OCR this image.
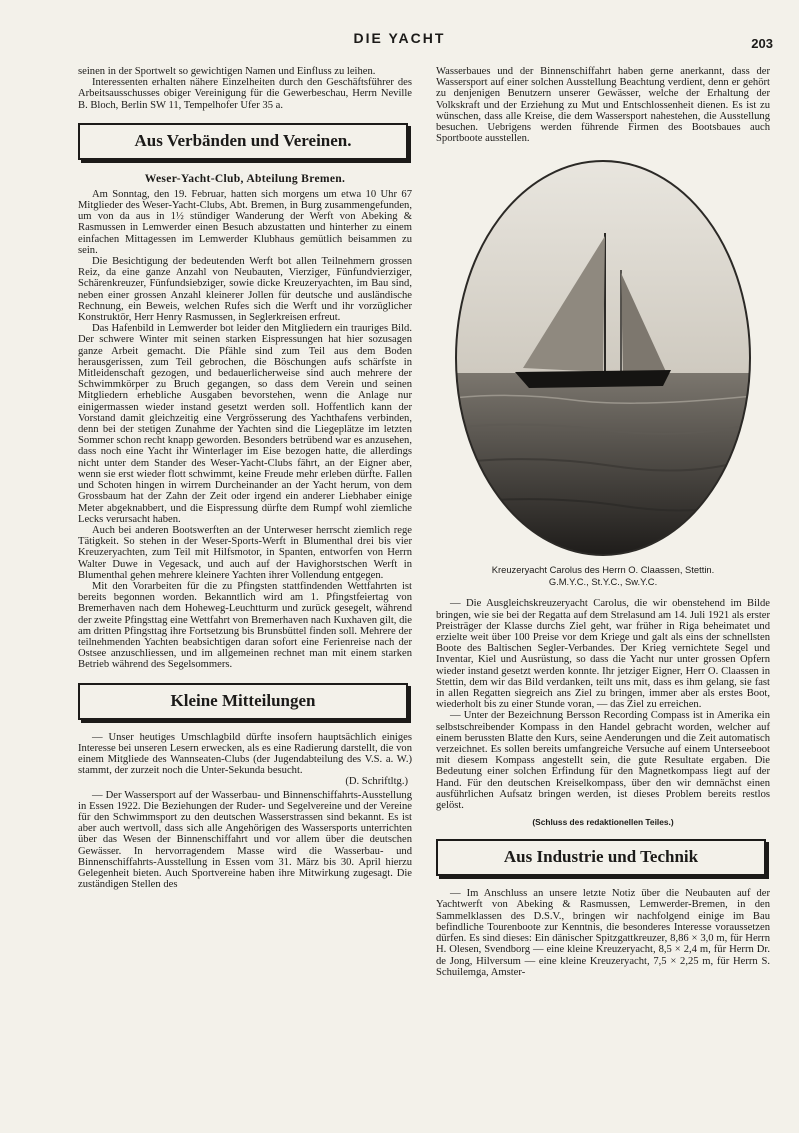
DIE YACHT	203

seinen in der Sportwelt so gewichtigen Namen und Einfluss zu leihen.

Interessenten erhalten nähere Einzelheiten durch den Geschäftsführer des Arbeitsausschusses obiger Vereinigung für die Gewerbeschau, Herrn Neville B. Bloch, Berlin SW 11, Tempelhofer Ufer 35 a.

Aus Verbänden und Vereinen.
Weser-Yacht-Club, Abteilung Bremen.

Am Sonntag, den 19. Februar, hatten sich morgens um etwa 10 Uhr 67 Mitglieder des Weser-Yacht-Clubs, Abt. Bremen, in Burg zusammengefunden, um von da aus in 1½ stündiger Wanderung der Werft von Abeking & Rasmussen in Lemwerder einen Besuch abzustatten und hinterher zu einem einfachen Mittagessen im Lemwerder Klubhaus gemütlich beisammen zu sein.

Die Besichtigung der bedeutenden Werft bot allen Teilnehmern grossen Reiz, da eine ganze Anzahl von Neubauten, Vierziger, Fünfundvierziger, Schärenkreuzer, Fünfundsiebziger, sowie dicke Kreuzeryachten, im Bau sind, neben einer grossen Anzahl kleinerer Jollen für deutsche und ausländische Rechnung, ein Beweis, welchen Rufes sich die Werft und ihr vorzüglicher Konstruktör, Herr Henry Rasmussen, in Seglerkreisen erfreut.

Das Hafenbild in Lemwerder bot leider den Mitgliedern ein trauriges Bild. Der schwere Winter mit seinen starken Eispressungen hat hier sozusagen ganze Arbeit gemacht. Die Pfähle sind zum Teil aus dem Boden herausgerissen, zum Teil gebrochen, die Böschungen aufs schärfste in Mitleidenschaft gezogen, und bedauerlicherweise sind auch mehrere der Schwimmkörper zu Bruch gegangen, so dass dem Verein und seinen Mitgliedern erhebliche Ausgaben bevorstehen, wenn die Anlage nur einigermassen wieder instand gesetzt werden soll. Hoffentlich kann der Vorstand damit gleichzeitig eine Vergrösserung des Yachthafens verbinden, denn bei der stetigen Zunahme der Yachten sind die Liegeplätze im letzten Sommer schon recht knapp geworden. Besonders betrübend war es anzusehen, dass noch eine Yacht ihr Winterlager im Eise bezogen hatte, die allerdings nicht unter dem Stander des Weser-Yacht-Clubs fährt, an der Eigner aber, wenn sie erst wieder flott schwimmt, keine Freude mehr erleben dürfte. Fallen und Schoten hingen in wirrem Durcheinander an der Yacht herum, von dem Grossbaum hat der Zahn der Zeit oder irgend ein anderer Liebhaber einige Meter abgeknabbert, und die Eispressung dürfte dem Rumpf wohl ziemliche Lecks verursacht haben.

Auch bei anderen Bootswerften an der Unterweser herrscht ziemlich rege Tätigkeit. So stehen in der Weser-Sports-Werft in Blumenthal drei bis vier Kreuzeryachten, zum Teil mit Hilfsmotor, in Spanten, entworfen von Herrn Walter Duwe in Vegesack, und auch auf der Havighorstschen Werft in Blumenthal gehen mehrere kleinere Yachten ihrer Vollendung entgegen.

Mit den Vorarbeiten für die zu Pfingsten stattfindenden Wettfahrten ist bereits begonnen worden. Bekanntlich wird am 1. Pfingstfeiertag von Bremerhaven nach dem Hoheweg-Leuchtturm und zurück gesegelt, während der zweite Pfingsttag eine Wettfahrt von Bremerhaven nach Kuxhaven gilt, die am dritten Pfingsttag ihre Fortsetzung bis Brunsbüttel finden soll. Mehrere der teilnehmenden Yachten beabsichtigen daran sofort eine Ferienreise nach der Ostsee anzuschliessen, und im allgemeinen rechnet man mit einem starken Betrieb während des Segelsommers.

Kleine Mitteilungen

— Unser heutiges Umschlagbild dürfte insofern hauptsächlich einiges Interesse bei unseren Lesern erwecken, als es eine Radierung darstellt, die von einem Mitgliede des Wannseaten-Clubs (der Jugendabteilung des V.S. a. W.) stammt, der zurzeit noch die Unter-Sekunda besucht.

(D. Schriftltg.)

— Der Wassersport auf der Wasserbau- und Binnenschiffahrts-Ausstellung in Essen 1922. Die Beziehungen der Ruder- und Segelvereine und der Vereine für den Schwimmsport zu den deutschen Wasserstrassen sind bekannt. Es ist aber auch wertvoll, dass sich alle Angehörigen des Wassersports unterrichten über das Wesen der Binnenschiffahrt und vor allem über die deutschen Gewässer. In hervorragendem Masse wird die Wasserbau- und Binnenschiffahrts-Ausstellung in Essen vom 31. März bis 30. April hierzu Gelegenheit bieten. Auch Sportvereine haben ihre Mitwirkung zugesagt. Die zuständigen Stellen des

Wasserbaues und der Binnenschiffahrt haben gerne anerkannt, dass der Wassersport auf einer solchen Ausstellung Beachtung verdient, denn er gehört zu denjenigen Benutzern unserer Gewässer, welche der Erhaltung der Volkskraft und der Erziehung zu Mut und Entschlossenheit dienen. Es ist zu wünschen, dass alle Kreise, die dem Wassersport nahestehen, die Ausstellung besuchen. Uebrigens werden führende Firmen des Bootsbaues auch Sportboote ausstellen.

Kreuzeryacht Carolus des Herrn O. Claassen, Stettin.
G.M.Y.C., St.Y.C., Sw.Y.C.

— Die Ausgleichskreuzeryacht Carolus, die wir obenstehend im Bilde bringen, wie sie bei der Regatta auf dem Strelasund am 14. Juli 1921 als erster Preisträger der Klasse durchs Ziel geht, war früher in Riga beheimatet und erzielte weit über 100 Preise vor dem Kriege und galt als eins der schnellsten Boote des Baltischen Segler-Verbandes. Der Krieg vernichtete Segel und Inventar, Kiel und Ausrüstung, so dass die Yacht nur unter grossen Opfern wieder instand gesetzt werden konnte. Ihr jetziger Eigner, Herr O. Claassen in Stettin, dem wir das Bild verdanken, teilt uns mit, dass es ihm gelang, sie fast in allen Regatten siegreich ans Ziel zu bringen, immer aber als erstes Boot, wiederholt bis zu einer Stunde voran, — das Ziel zu erreichen.

— Unter der Bezeichnung Bersson Recording Compass ist in Amerika ein selbstschreibender Kompass in den Handel gebracht worden, welcher auf einem berussten Blatte den Kurs, seine Aenderungen und die Zeit automatisch verzeichnet. Es sollen bereits umfangreiche Versuche auf einem Unterseeboot mit diesem Kompass angestellt sein, die gute Resultate ergaben. Die Bedeutung einer solchen Erfindung für den Magnetkompass liegt auf der Hand. Für den deutschen Kreiselkompass, über den wir demnächst einen ausführlichen Aufsatz bringen werden, ist dieses Problem bereits restlos gelöst.

(Schluss des redaktionellen Teiles.)
Aus Industrie und Technik

— Im Anschluss an unsere letzte Notiz über die Neubauten auf der Yachtwerft von Abeking & Rasmussen, Lemwerder-Bremen, in den Sammelklassen des D.S.V., bringen wir nachfolgend einige im Bau befindliche Tourenboote zur Kenntnis, die besonderes Interesse voraussetzen dürfen. Es sind dieses: Ein dänischer Spitzgattkreuzer, 8,86 × 3,0 m, für Herrn H. Olesen, Svendborg — eine kleine Kreuzeryacht, 8,5 × 2,4 m, für Herrn Dr. de Jong, Hilversum — eine kleine Kreuzeryacht, 7,5 × 2,25 m, für Herrn S. Schuilemga, Amster-
